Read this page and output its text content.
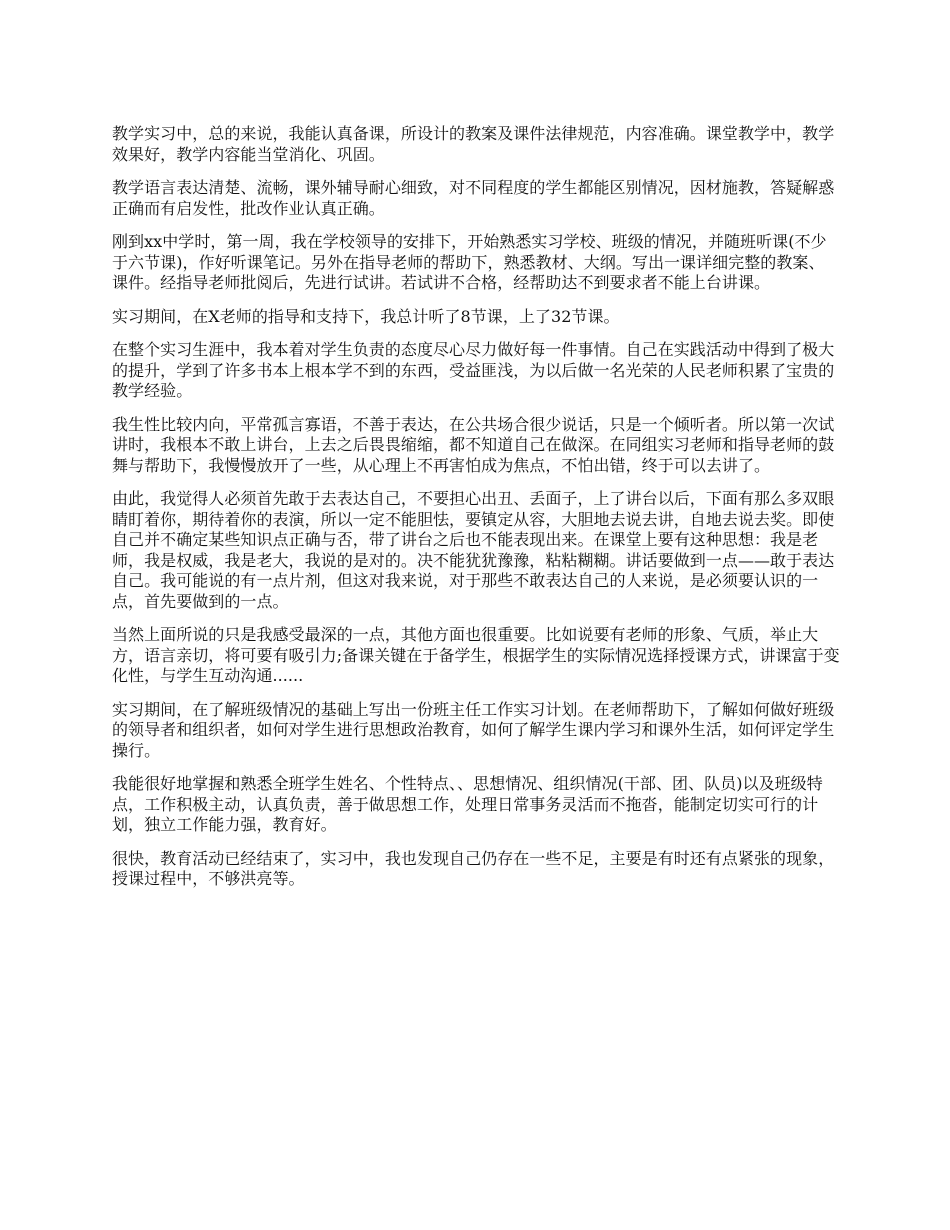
教学实习中，总的来说，我能认真备课，所设计的教案及课件法律规范，内容准确。课堂教学中，教学效果好，教学内容能当堂消化、巩固。

教学语言表达清楚、流畅，课外辅导耐心细致，对不同程度的学生都能区别情况，因材施教，答疑解惑正确而有启发性，批改作业认真正确。

刚到xx中学时，第一周，我在学校领导的安排下，开始熟悉实习学校、班级的情况，并随班听课(不少于六节课)，作好听课笔记。另外在指导老师的帮助下，熟悉教材、大纲。写出一课详细完整的教案、课件。经指导老师批阅后，先进行试讲。若试讲不合格，经帮助达不到要求者不能上台讲课。

实习期间，在X老师的指导和支持下，我总计听了8节课，上了32节课。

在整个实习生涯中，我本着对学生负责的态度尽心尽力做好每一件事情。自己在实践活动中得到了极大的提升，学到了许多书本上根本学不到的东西，受益匪浅，为以后做一名光荣的人民老师积累了宝贵的教学经验。

我生性比较内向，平常孤言寡语，不善于表达，在公共场合很少说话，只是一个倾听者。所以第一次试讲时，我根本不敢上讲台，上去之后畏畏缩缩，都不知道自己在做深。在同组实习老师和指导老师的鼓舞与帮助下，我慢慢放开了一些，从心理上不再害怕成为焦点，不怕出错，终于可以去讲了。

由此，我觉得人必须首先敢于去表达自己，不要担心出丑、丢面子，上了讲台以后，下面有那么多双眼睛盯着你，期待着你的表演，所以一定不能胆怯，要镇定从容，大胆地去说去讲，自地去说去奖。即使自己并不确定某些知识点正确与否，带了讲台之后也不能表现出来。在课堂上要有这种思想：我是老师，我是权威，我是老大，我说的是对的。决不能犹犹豫豫，粘粘糊糊。讲话要做到一点——敢于表达自己。我可能说的有一点片剂，但这对我来说，对于那些不敢表达自己的人来说，是必须要认识的一点，首先要做到的一点。

当然上面所说的只是我感受最深的一点，其他方面也很重要。比如说要有老师的形象、气质，举止大方，语言亲切，将可要有吸引力;备课关键在于备学生，根据学生的实际情况选择授课方式，讲课富于变化性，与学生互动沟通......

实习期间，在了解班级情况的基础上写出一份班主任工作实习计划。在老师帮助下，了解如何做好班级的领导者和组织者，如何对学生进行思想政治教育，如何了解学生课内学习和课外生活，如何评定学生操行。

我能很好地掌握和熟悉全班学生姓名、个性特点、、思想情况、组织情况(干部、团、队员)以及班级特点，工作积极主动，认真负责，善于做思想工作，处理日常事务灵活而不拖沓，能制定切实可行的计划，独立工作能力强，教育好。

很快，教育活动已经结束了，实习中，我也发现自己仍存在一些不足，主要是有时还有点紧张的现象，授课过程中，不够洪亮等。
